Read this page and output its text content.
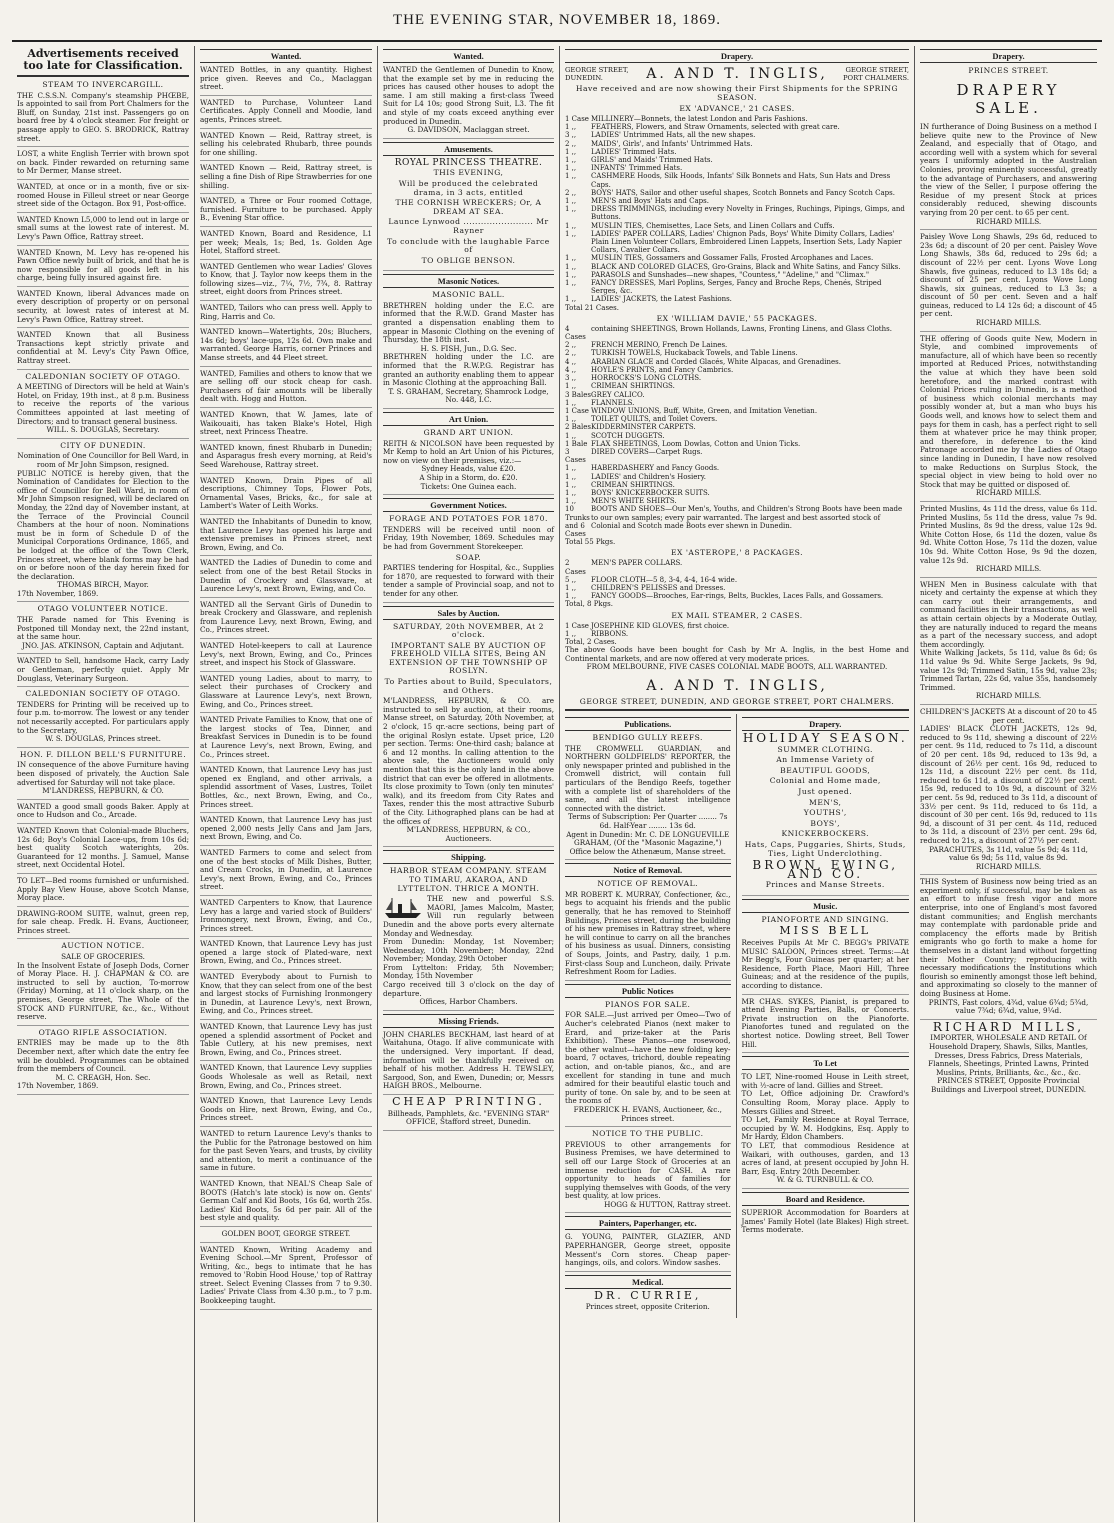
THE EVENING STAR, NOVEMBER 18, 1869.
Advertisements received too late for Classification.
STEAM TO INVERCARGILL.

THE C.S.S.N. Company's steamship PHŒBE, Is appointed to sail from Port Chalmers for the Bluff, on Sunday, 21st inst. Passengers go on board free by 4 o'clock steamer. For freight or passage apply to GEO. S. BRODRICK, Rattray street.

LOST, a white English Terrier with brown spot on back. Finder rewarded on returning same to Mr Dermer, Manse street.

WANTED, at once or in a month, five or six-roomed House in Filleul street or near George street side of the Octagon. Box 91, Post-office.

WANTED Known L5,000 to lend out in large or small sums at the lowest rate of interest. M. Levy's Pawn Office, Rattray street.

WANTED Known, M. Levy has re-opened his Pawn Office newly built of brick, and that he is now responsible for all goods left in his charge, being fully insured against fire.

WANTED Known, liberal Advances made on every description of property or on personal security, at lowest rates of interest at M. Levy's Pawn Office, Rattray street.

WANTED Known that all Business Transactions kept strictly private and confidential at M. Levy's City Pawn Office, Rattray street.

CALEDONIAN SOCIETY OF OTAGO.

A MEETING of Directors will be held at Wain's Hotel, on Friday, 19th inst., at 8 p.m. Business to receive the reports of the various Committees appointed at last meeting of Directors; and to transact general business.

WILL. S. DOUGLAS, Secretary.

CITY OF DUNEDIN.

Nomination of One Councillor for Bell Ward, in room of Mr John Simpson, resigned.

PUBLIC NOTICE is hereby given, that the Nomination of Candidates for Election to the office of Councillor for Bell Ward, in room of Mr John Simpson resigned, will be declared on Monday, the 22nd day of November instant, at the Terrace of the Provincial Council Chambers at the hour of noon. Nominations must be in form of Schedule D of the Municipal Corporations Ordinance, 1865, and be lodged at the office of the Town Clerk, Princes street, where blank forms may be had on or before noon of the day herein fixed for the declaration.

THOMAS BIRCH, Mayor.

17th November, 1869.

OTAGO VOLUNTEER NOTICE.

THE Parade named for This Evening is Postponed till Monday next, the 22nd instant, at the same hour.

JNO. JAS. ATKINSON, Captain and Adjutant.

WANTED to Sell, handsome Hack, carry Lady or Gentleman, perfectly quiet. Apply Mr Douglass, Veterinary Surgeon.

CALEDONIAN SOCIETY OF OTAGO.

TENDERS for Printing will be received up to four p.m. to-morrow. The lowest or any tender not necessarily accepted. For particulars apply to the Secretary,

W. S. DOUGLAS, Princes street.

HON. F. DILLON BELL'S FURNITURE.

IN consequence of the above Furniture having been disposed of privately, the Auction Sale advertised for Saturday will not take place.

M'LANDRESS, HEPBURN, & CO.

WANTED a good small goods Baker. Apply at once to Hudson and Co., Arcade.

WANTED Known that Colonial-made Bluchers, 12s 6d; Boy's Colonial Lace-ups, from 10s 6d; best quality Scotch waterights, 20s. Guaranteed for 12 months. J. Samuel, Manse street, next Occidental Hotel.

TO LET—Bed rooms furnished or unfurnished. Apply Bay View House, above Scotch Manse, Moray place.

DRAWING-ROOM SUITE, walnut, green rep, for sale cheap. Fredk. H. Evans, Auctioneer, Princes street.

AUCTION NOTICE.

SALE OF GROCERIES.

In the Insolvent Estate of Joseph Dods, Corner of Moray Place. H. J. CHAPMAN & CO. are instructed to sell by auction, To-morrow (Friday) Morning, at 11 o'clock sharp, on the premises, George street, The Whole of the STOCK AND FURNITURE, &c., &c., Without reserve.

OTAGO RIFLE ASSOCIATION.

ENTRIES may be made up to the 8th December next, after which date the entry fee will be doubled. Programmes can be obtained from the members of Council.

M. C. CREAGH, Hon. Sec.

17th November, 1869.

Wanted.

WANTED Bottles, in any quantity. Highest price given. Reeves and Co., Maclaggan street.

WANTED to Purchase, Volunteer Land Certificates. Apply Connell and Moodie, land agents, Princes street.

WANTED Known — Reid, Rattray street, is selling his celebrated Rhubarb, three pounds for one shilling.

WANTED Known — Reid, Rattray street, is selling a fine Dish of Ripe Strawberries for one shilling.

WANTED, a Three or Four roomed Cottage, furnished. Furniture to be purchased. Apply B., Evening Star office.

WANTED Known, Board and Residence, L1 per week; Meals, 1s; Bed, 1s. Golden Age Hotel, Stafford street.

WANTED Gentlemen who wear Ladies' Gloves to Know, that J. Taylor now keeps them in the following sizes—viz., 7¼, 7½, 7¾, 8. Rattray street, eight doors from Princes street.

WANTED, Tailors who can press well. Apply to Ring, Harris and Co.

WANTED known—Watertights, 20s; Bluchers, 14s 6d; boys' lace-ups, 12s 6d. Own make and warranted. George Harris, corner Princes and Manse streets, and 44 Fleet street.

WANTED, Families and others to know that we are selling off our stock cheap for cash. Purchasers of fair amounts will be liberally dealt with. Hogg and Hutton.

WANTED Known, that W. James, late of Waikouaiti, has taken Blake's Hotel, High street, next Princess Theatre.

WANTED known, finest Rhubarb in Dunedin; and Asparagus fresh every morning, at Reid's Seed Warehouse, Rattray street.

WANTED Known, Drain Pipes of all descriptions, Chimney Tops, Flower Pots, Ornamental Vases, Bricks, &c., for sale at Lambert's Water of Leith Works.

WANTED the Inhabitants of Dunedin to know, that Laurence Levy has opened his large and extensive premises in Princes street, next Brown, Ewing, and Co.

WANTED the Ladies of Dunedin to come and select from one of the best Retail Stocks in Dunedin of Crockery and Glassware, at Laurence Levy's, next Brown, Ewing, and Co.

WANTED all the Servant Girls of Dunedin to break Crockery and Glassware, and replenish from Laurence Levy, next Brown, Ewing, and Co., Princes street.

WANTED Hotel-keepers to call at Laurence Levy's, next Brown, Ewing, and Co., Princes street, and inspect his Stock of Glassware.

WANTED young Ladies, about to marry, to select their purchases of Crockery and Glassware at Laurence Levy's, next Brown, Ewing, and Co., Princes street.

WANTED Private Families to Know, that one of the largest stocks of Tea, Dinner, and Breakfast Services in Dunedin is to be found at Laurence Levy's, next Brown, Ewing, and Co., Princes street.

WANTED Known, that Laurence Levy has just opened ex England, and other arrivals, a splendid assortment of Vases, Lustres, Toilet Bottles, &c., next Brown, Ewing, and Co., Princes street.

WANTED Known, that Laurence Levy has just opened 2,000 nests Jelly Cans and Jam Jars, next Brown, Ewing, and Co.

WANTED Farmers to come and select from one of the best stocks of Milk Dishes, Butter, and Cream Crocks, in Dunedin, at Laurence Levy's, next Brown, Ewing, and Co., Princes street.

WANTED Carpenters to Know, that Laurence Levy has a large and varied stock of Builders' Ironmongery, next Brown, Ewing, and Co., Princes street.

WANTED Known, that Laurence Levy has just opened a large stock of Plated-ware, next Brown, Ewing, and Co., Princes street.

WANTED Everybody about to Furnish to Know, that they can select from one of the best and largest stocks of Furnishing Ironmongery in Dunedin, at Laurence Levy's, next Brown, Ewing, and Co., Princes street.

WANTED Known, that Laurence Levy has just opened a splendid assortment of Pocket and Table Cutlery, at his new premises, next Brown, Ewing, and Co., Princes street.

WANTED Known, that Laurence Levy supplies Goods Wholesale as well as Retail, next Brown, Ewing, and Co., Princes street.

WANTED Known, that Laurence Levy Lends Goods on Hire, next Brown, Ewing, and Co., Princes street.

WANTED to return Laurence Levy's thanks to the Public for the Patronage bestowed on him for the past Seven Years, and trusts, by civility and attention, to merit a continuance of the same in future.

WANTED Known, that NEAL'S Cheap Sale of BOOTS (Hatch's late stock) is now on. Gents' German Calf and Kid Boots, 16s 6d, worth 25s. Ladies' Kid Boots, 5s 6d per pair. All of the best style and quality.

GOLDEN BOOT, GEORGE STREET.

WANTED Known, Writing Academy and Evening School.—Mr Sprent, Professor of Writing, &c., begs to intimate that he has removed to 'Robin Hood House,' top of Rattray street. Select Evening Classes from 7 to 9.30. Ladies' Private Class from 4.30 p.m., to 7 p.m. Bookkeeping taught.

Wanted.

WANTED the Gentlemen of Dunedin to Know, that the example set by me in reducing the prices has caused other houses to adopt the same. I am still making a first-class Tweed Suit for L4 10s; good Strong Suit, L3. The fit and style of my coats exceed anything ever produced in Dunedin.

G. DAVIDSON, Maclaggan street.

Amusements.
ROYAL PRINCESS THEATRE.
THIS EVENING,
Will be produced the celebrated drama, in 3 acts, entitled
THE CORNISH WRECKERS; Or, A DREAM AT SEA.
Launce Lynwood ........................ Mr Rayner
To conclude with the laughable Farce of
TO OBLIGE BENSON.
Masonic Notices.
MASONIC BALL.

BRETHREN holding under the E.C. are informed that the R.W.D. Grand Master has granted a dispensation enabling them to appear in Masonic Clothing on the evening of Thursday, the 18th inst.

H. S. FISH, Jun., D.G. Sec.

BRETHREN holding under the I.C. are informed that the R.W.P.G. Registrar has granted an authority enabling them to appear in Masonic Clothing at the approaching Ball.

T. S. GRAHAM, Secretary, Shamrock Lodge, No. 448, I.C.

Art Union.
GRAND ART UNION.

REITH & NICOLSON have been requested by Mr Kemp to hold an Art Union of his Pictures, now on view on their premises, viz.:—

Sydney Heads, value £20.

A Ship in a Storm, do. £20.

Tickets: One Guinea each.

Government Notices.
FORAGE AND POTATOES FOR 1870.

TENDERS will be received until noon of Friday, 19th November, 1869. Schedules may be had from Government Storekeeper.

SOAP.

PARTIES tendering for Hospital, &c., Supplies for 1870, are requested to forward with their tender a sample of Provincial soap, and not to tender for any other.

Sales by Auction.
SATURDAY, 20th NOVEMBER, At 2 o'clock.
IMPORTANT SALE BY AUCTION OF FREEHOLD VILLA SITES, Being AN EXTENSION OF THE TOWNSHIP OF ROSLYN.
To Parties about to Build, Speculators, and Others.

M'LANDRESS, HEPBURN, & CO. are instructed to sell by auction, at their rooms, Manse street, on Saturday, 20th November, at 2 o'clock, 15 qr.-acre sections, being part of the original Roslyn estate. Upset price, L20 per section. Terms: One-third cash; balance at 6 and 12 months. In calling attention to the above sale, the Auctioneers would only mention that this is the only land in the above district that can ever be offered in allotments. Its close proximity to Town (only ten minutes' walk), and its freedom from City Rates and Taxes, render this the most attractive Suburb of the City. Lithographed plans can be had at the offices of

M'LANDRESS, HEPBURN, & CO., Auctioneers.

Shipping.
HARBOR STEAM COMPANY. STEAM TO TIMARU, AKAROA, AND LYTTELTON. THRICE A MONTH.

THE new and powerful S.S. MAORI, James Malcolm, Master, Will run regularly between Dunedin and the above ports every alternate Monday and Wednesday.

From Dunedin: Monday, 1st November; Wednesday, 10th November; Monday, 22nd November; Monday, 29th October

From Lyttelton: Friday, 5th November; Monday, 15th November

Cargo received till 3 o'clock on the day of departure.

Offices, Harbor Chambers.

Missing Friends.

JOHN CHARLES BECKHAM, last heard of at Waitahuna, Otago. If alive communicate with the undersigned. Very important. If dead, information will be thankfully received on behalf of his mother. Address H. TEWSLEY, Sargood, Son, and Ewen, Dunedin; or, Messrs HAIGH BROS., Melbourne.

CHEAP PRINTING.

Billheads, Pamphlets, &c. "EVENING STAR" OFFICE, Stafford street, Dunedin.

Drapery.
GEORGE STREET, DUNEDIN.	A. AND T. INGLIS,	GEORGE STREET, PORT CHALMERS.
Have received and are now showing their First Shipments for the SPRING SEASON.
EX 'ADVANCE,' 21 CASES.
1 Case MILLINERY—Bonnets, the latest London and Paris Fashions.
1 ,,	FEATHERS, Flowers, and Straw Ornaments, selected with great care.
3 ,,	LADIES' Untrimmed Hats, all the new shapes.
2 ,,	MAIDS', Girls', and Infants' Untrimmed Hats.
1 ,,	LADIES' Trimmed Hats.
1 ,,	GIRLS' and Maids' Trimmed Hats.
1 ,,	INFANTS' Trimmed Hats.
1 ,,	CASHMERE Hoods, Silk Hoods, Infants' Silk Bonnets and Hats, Sun Hats and Dress Caps.
2 ,,	BOYS' HATS, Sailor and other useful shapes, Scotch Bonnets and Fancy Scotch Caps.
1 ,,	MEN'S and Boys' Hats and Caps.
1 ,,	DRESS TRIMMINGS, including every Novelty in Fringes, Ruchings, Pipings, Gimps, and Buttons.
1 ,,	MUSLIN TIES, Chemisettes, Lace Sets, and Linen Collars and Cuffs.
1 ,,	LADIES' PAPER COLLARS, Ladies' Chignon Pads, Boys' White Dimity Collars, Ladies' Plain Linen Volunteer Collars, Embroidered Linen Lappets, Insertion Sets, Lady Napier Collars, Cavalier Collars.
1 ,,	MUSLIN TIES, Gossamers and Gossamer Falls, Frosted Arcophanes and Laces.
1 ,,	BLACK AND COLORED GLACES, Gro-Grains, Black and White Satins, and Fancy Silks.
1 ,,	PARASOLS and Sunshades—new shapes, "Countess," "Adeline," and "Climax."
1 ,,	FANCY DRESSES, Marl Poplins, Serges, Fancy and Broche Reps, Chenés, Striped Serges, &c.
1 ,,	LADIES' JACKETS, the Latest Fashions.
Total 21 Cases.
EX 'WILLIAM DAVIE,' 55 PACKAGES.
4 Cases
containing SHEETINGS, Brown Hollands, Lawns, Fronting Linens, and Glass Cloths.
2 ,,	FRENCH MERINO, French De Laines.
2 ,,	TURKISH TOWELS, Huckaback Towels, and Table Linens.
4 ,,	ARABIAN GLACE and Corded Glacés, White Alpacas, and Grenadines.
4 ,,	HOYLE'S PRINTS, and Fancy Cambrics.
3 ,,	HORROCKS'S LONG CLOTHS.
1 ,,	CRIMEAN SHIRTINGS.
3 Bales GREY CALICO.
1 ,,	FLANNELS.
1 Case WINDOW UNIONS, Buff, White, Green, and Imitation Venetian.
1 ,,	TOILET QUILTS, and Toilet Covers.
2 Bales KIDDERMINSTER CARPETS.
1 ,,	SCOTCH DUGGETS.
1 Bale FLAX SHEETINGS, Loom Dowlas, Cotton and Union Ticks.
3 Cases
DIRED COVERS—Carpet Rugs.
1 ,,	HABERDASHERY and Fancy Goods.
1 ,,	LADIES' and Children's Hosiery.
1 ,,	CRIMEAN SHIRTINGS.
1 ,,	BOYS' KNICKERBOCKER SUITS.
1 ,,	MEN'S WHITE SHIRTS.
10 Trunks and 6 Cases
BOOTS AND SHOES—Our Men's, Youths, and Children's Strong Boots have been made to our own samples; every pair warranted. The largest and best assorted stock of Colonial and Scotch made Boots ever shewn in Dunedin.
Total 55 Pkgs.
EX 'ASTEROPE,' 8 PACKAGES.
2 Cases
MEN'S PAPER COLLARS.
5 ,,	FLOOR CLOTH—5 8, 3-4, 4-4, 16-4 wide.
1 ,,	CHILDREN'S PELISSES and Dresses.
1 ,,	FANCY GOODS—Brooches, Ear-rings, Belts, Buckles, Laces Falls, and Gossamers.
Total, 8 Pkgs.
EX MAIL STEAMER, 2 CASES.
1 Case JOSEPHINE KID GLOVES, first choice.
1 ,,	RIBBONS.
Total, 2 Cases.

The above Goods have been bought for Cash by Mr A. Inglis, in the best Home and Continental markets, and are now offered at very moderate prices.

FROM MELBOURNE, FIVE CASES COLONIAL MADE BOOTS, ALL WARRANTED.

A. AND T. INGLIS,
GEORGE STREET, DUNEDIN, AND GEORGE STREET, PORT CHALMERS.
Publications.
BENDIGO GULLY REEFS.

THE CROMWELL GUARDIAN, and NORTHERN GOLDFIELDS' REPORTER, the only newspaper printed and published in the Cromwell district, will contain full particulars of the Bendigo Reefs, together with a complete list of shareholders of the same, and all the latest intelligence connected with the district.

Terms of Subscription: Per Quarter ........ 7s 6d. Half-Year ........ 13s 6d.

Agent in Dunedin: Mr. C. DE LONGUEVILLE GRAHAM, (Of the "Masonic Magazine,") Office below the Athenæum, Manse street.

Notice of Removal.
NOTICE OF REMOVAL.

MR ROBERT K. MURRAY, Confectioner, &c., begs to acquaint his friends and the public generally, that he has removed to Steinhoff Buildings, Princes street, during the building of his new premises in Rattray street, where he will continue to carry on all the branches of his business as usual. Dinners, consisting of Soups, Joints, and Pastry, daily, 1 p.m. First-class Soup and Luncheon, daily. Private Refreshment Room for Ladies.

Public Notices
PIANOS FOR SALE.

FOR SALE.—Just arrived per Omeo—Two of Aucher's celebrated Pianos (next maker to Erard, and prize-taker at the Paris Exhibition). These Pianos—one rosewood, the other walnut—have the new folding key-board, 7 octaves, trichord, double repeating action, and on-table pianos, &c., and are excellent for standing in tune and much admired for their beautiful elastic touch and purity of tone. On sale by, and to be seen at the rooms of

FREDERICK H. EVANS, Auctioneer, &c., Princes street.

NOTICE TO THE PUBLIC.

PREVIOUS to other arrangements for Business Premises, we have determined to sell off our Large Stock of Groceries at an immense reduction for CASH. A rare opportunity to heads of families for supplying themselves with Goods, of the very best quality, at low prices.

HOGG & HUTTON, Rattray street.

Painters, Paperhanger, etc.

G. YOUNG, PAINTER, GLAZIER, AND PAPERHANGER, George street, opposite Messent's Corn stores. Cheap paper-hangings, oils, and colors. Window sashes.

Medical.
DR. CURRIE,

Princes street, opposite Criterion.

Drapery.
HOLIDAY SEASON.
SUMMER CLOTHING.
An Immense Variety of
BEAUTIFUL GOODS,
Colonial and Home made,
Just opened.
MEN'S,
YOUTHS',
BOYS',
KNICKERBOCKERS.
Hats, Caps, Puggaries, Shirts, Studs, Ties, Light Underclothing.
BROWN, EWING, AND CO.
Princes and Manse Streets.
Music.
PIANOFORTE AND SINGING.
MISS BELL

Receives Pupils At Mr C. BEGG's PRIVATE MUSIC SALOON, Princes street. Terms:—At Mr Begg's, Four Guineas per quarter; at her Residence, Forth Place, Maori Hill, Three Guineas; and at the residence of the pupils, according to distance.

MR CHAS. SYKES, Pianist, is prepared to attend Evening Parties, Balls, or Concerts. Private instruction on the Pianoforte. Pianofortes tuned and regulated on the shortest notice. Dowling street, Bell Tower Hill.

To Let

TO LET, Nine-roomed House in Leith street, with ½-acre of land. Gillies and Street.

TO Let, Office adjoining Dr. Crawford's Consulting Room, Moray place. Apply to Messrs Gillies and Street.

TO Let, Family Residence at Royal Terrace, occupied by W. M. Hodgkins, Esq. Apply to Mr Hardy, Eldon Chambers.

TO LET, that commodious Residence at Waikari, with outhouses, garden, and 13 acres of land, at present occupied by John H. Barr, Esq. Entry 20th December.

W. & G. TURNBULL & CO.

Board and Residence.

SUPERIOR Accommodation for Boarders at James' Family Hotel (late Blakes) High street. Terms moderate.

Drapery.
PRINCES STREET.
DRAPERY SALE.

IN furtherance of Doing Business on a method I believe quite new to the Province of New Zealand, and especially that of Otago, and according well with a system which for several years I uniformly adopted in the Australian Colonies, proving eminently successful, greatly to the advantage of Purchasers, and answering the view of the Seller, I purpose offering the Residue of my present Stock at prices considerably reduced, shewing discounts varying from 20 per cent. to 65 per cent.

RICHARD MILLS.

Paisley Wove Long Shawls, 29s 6d, reduced to 23s 6d; a discount of 20 per cent. Paisley Wove Long Shawls, 38s 6d, reduced to 29s 6d; a discount of 22½ per cent. Lyons Wove Long Shawls, five guineas, reduced to L3 18s 6d; a discount of 25 per cent. Lyons Wove Long Shawls, six guineas, reduced to L3 3s; a discount of 50 per cent. Seven and a half guineas, reduced to L4 12s 6d; a discount of 45 per cent.

RICHARD MILLS.

THE offering of Goods quite New, Modern in Style, and combined improvements of manufacture, all of which have been so recently imported at Reduced Prices, notwithstanding the value at which they have been sold heretofore, and the marked contrast with Colonial Prices ruling in Dunedin, is a method of business which colonial merchants may possibly wonder at, but a man who buys his Goods well, and knows how to select them and pays for them in cash, has a perfect right to sell them at whatever price he may think proper, and therefore, in deference to the kind Patronage accorded me by the Ladies of Otago since landing in Dunedin, I have now resolved to make Reductions on Surplus Stock, the special object in view being to hold over no Stock that may be quitted or disposed of.

RICHARD MILLS.

Printed Muslins, 4s 11d the dress, value 6s 11d. Printed Muslins, 5s 11d the dress, value 7s 9d. Printed Muslins, 8s 9d the dress, value 12s 9d. White Cotton Hose, 6s 11d the dozen, value 8s 9d. White Cotton Hose, 7s 11d the dozen, value 10s 9d. White Cotton Hose, 9s 9d the dozen, value 12s 9d.

RICHARD MILLS.

WHEN Men in Business calculate with that nicety and certainty the expense at which they can carry out their arrangements, and command facilities in their transactions, as well as attain certain objects by a Moderate Outlay, they are naturally induced to regard the means as a part of the necessary success, and adopt them accordingly.

White Walking Jackets, 5s 11d, value 8s 6d; 6s 11d value 9s 9d. White Serge Jackets, 9s 9d, value 12s 9d; Trimmed Satin, 15s 9d, value 23s; Trimmed Tartan, 22s 6d, value 35s, handsomely Trimmed.

RICHARD MILLS.

CHILDREN'S JACKETS At a discount of 20 to 45 per cent.

LADIES' BLACK CLOTH JACKETS, 12s 9d, reduced to 9s 11d, shewing a discount of 22½ per cent. 9s 11d, reduced to 7s 11d, a discount of 20 per cent. 18s 9d, reduced to 13s 9d, a discount of 26½ per cent. 16s 9d, reduced to 12s 11d, a discount 22½ per cent. 8s 11d, reduced to 6s 11d, a discount of 22½ per cent. 15s 9d, reduced to 10s 9d, a discount of 32½ per cent. 5s 9d, reduced to 3s 11d, a discount of 33½ per cent. 9s 11d, reduced to 6s 11d, a discount of 30 per cent. 16s 9d, reduced to 11s 9d, a discount of 31 per cent. 4s 11d, reduced to 3s 11d, a discount of 23½ per cent. 29s 6d, reduced to 21s, a discount of 27½ per cent.

PARACHUTES, 3s 11d, value 5s 9d; 4s 11d, value 6s 9d; 5s 11d, value 8s 9d.

RICHARD MILLS.

THIS System of Business now being tried as an experiment only, if successful, may be taken as an effort to infuse fresh vigor and more enterprise, into one of England's most favored distant communities; and English merchants may contemplate with pardonable pride and complacency the efforts made by British emigrants who go forth to make a home for themselves in a distant land without forgetting their Mother Country; reproducing with necessary modifications the Institutions which flourish so eminently amongst those left behind, and approximating so closely to the manner of doing Business at Home.

PRINTS, Fast colors, 4¾d, value 6¾d; 5¾d, value 7¾d; 6¾d, value, 9¼d.

RICHARD MILLS,

IMPORTER, WHOLESALE AND RETAIL Of Household Drapery, Shawls, Silks, Mantles, Dresses, Dress Fabrics, Dress Materials, Flannels, Sheetings, Printed Lawns, Printed Muslins, Prints, Brilliants, &c., &c., &c.

PRINCES STREET, Opposite Provincial Buildings and Liverpool street, DUNEDIN.
